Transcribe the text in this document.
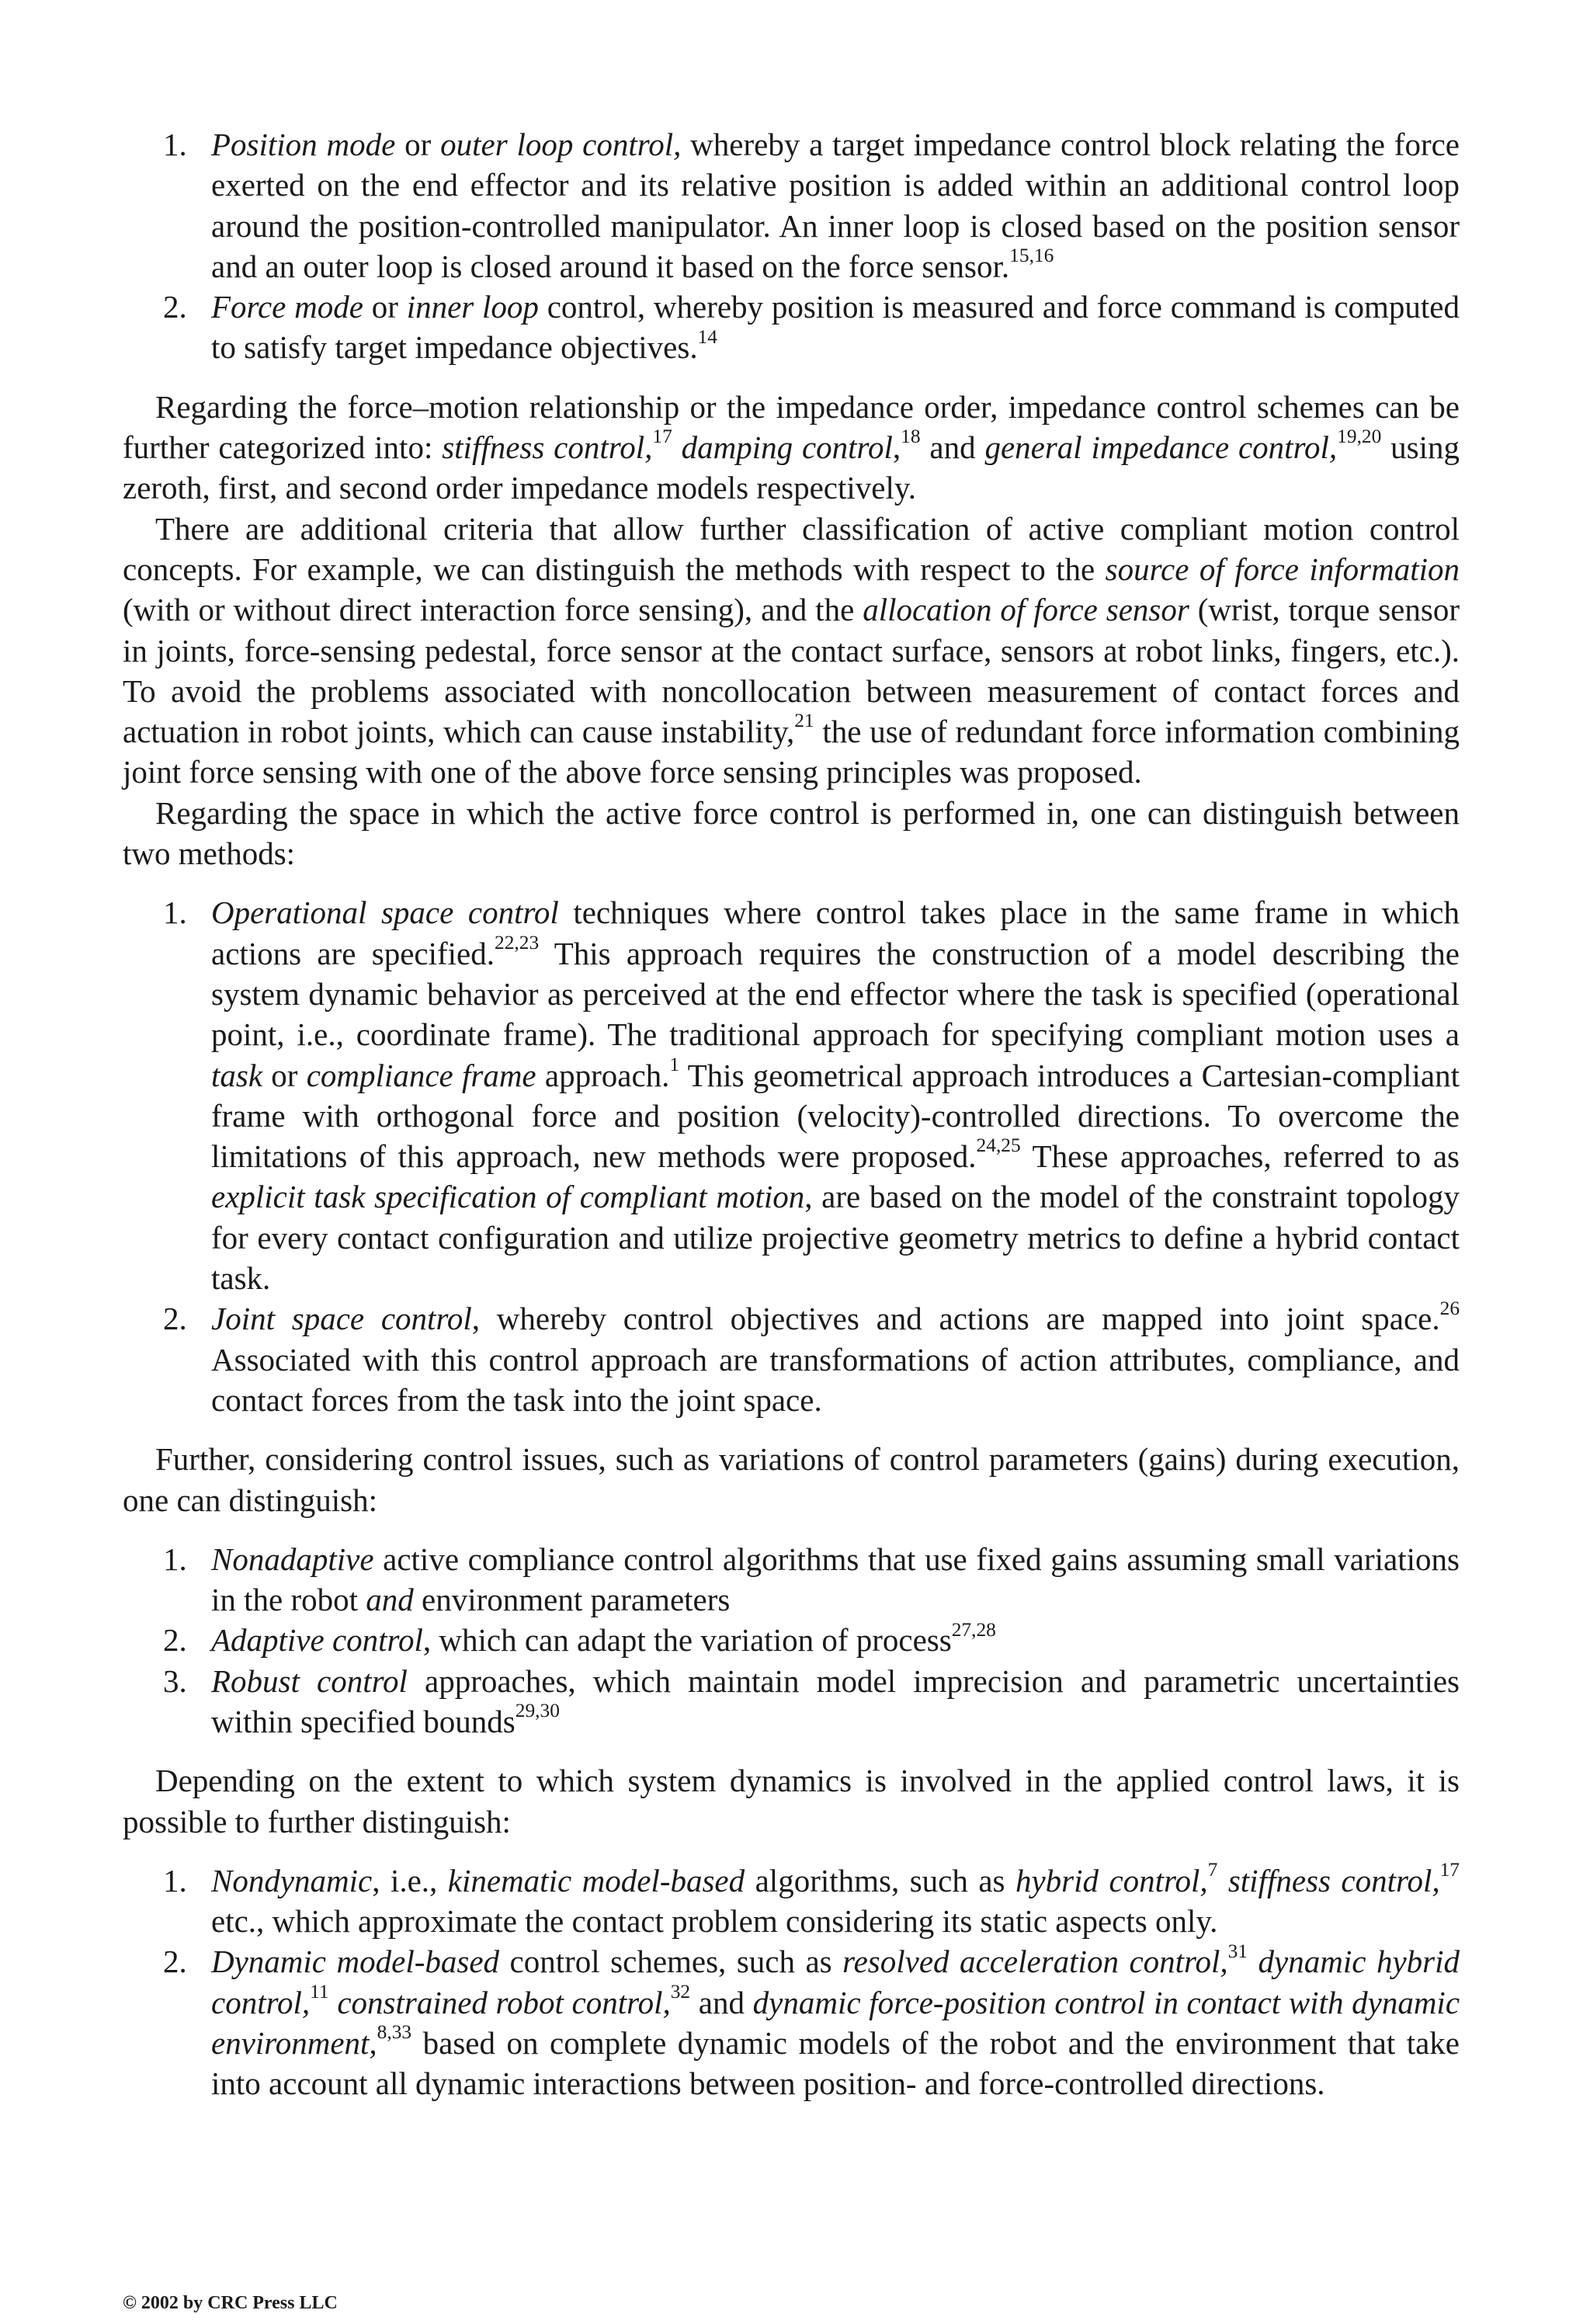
1. Position mode or outer loop control, whereby a target impedance control block relating the force exerted on the end effector and its relative position is added within an additional control loop around the position-controlled manipulator. An inner loop is closed based on the position sensor and an outer loop is closed around it based on the force sensor.$^{15,16}$
2. Force mode or inner loop control, whereby position is measured and force command is computed to satisfy target impedance objectives.$^{14}$

Regarding the force–motion relationship or the impedance order, impedance control schemes can be further categorized into: stiffness control,$^{17}$ damping control,$^{18}$ and general impedance control,$^{19,20}$ using zeroth, first, and second order impedance models respectively.

There are additional criteria that allow further classification of active compliant motion control concepts. For example, we can distinguish the methods with respect to the source of force information (with or without direct interaction force sensing), and the allocation of force sensor (wrist, torque sensor in joints, force-sensing pedestal, force sensor at the contact surface, sensors at robot links, fingers, etc.). To avoid the problems associated with noncollocation between measurement of contact forces and actuation in robot joints, which can cause instability,$^{21}$ the use of redundant force information combining joint force sensing with one of the above force sensing principles was proposed.

Regarding the space in which the active force control is performed in, one can distinguish between two methods:

1. Operational space control techniques where control takes place in the same frame in which actions are specified.$^{22,23}$ This approach requires the construction of a model describing the system dynamic behavior as perceived at the end effector where the task is specified (operational point, i.e., coordinate frame). The traditional approach for specifying compliant motion uses a task or compliance frame approach.$^1$ This geometrical approach introduces a Cartesian-compliant frame with orthogonal force and position (velocity)-controlled directions. To overcome the limitations of this approach, new methods were proposed.$^{24,25}$ These approaches, referred to as explicit task specification of compliant motion, are based on the model of the constraint topology for every contact configuration and utilize projective geometry metrics to define a hybrid contact task.
2. Joint space control, whereby control objectives and actions are mapped into joint space.$^{26}$ Associated with this control approach are transformations of action attributes, compliance, and contact forces from the task into the joint space.

Further, considering control issues, such as variations of control parameters (gains) during execution, one can distinguish:

1. Nonadaptive active compliance control algorithms that use fixed gains assuming small variations in the robot and environment parameters
2. Adaptive control, which can adapt the variation of process$^{27,28}$
3. Robust control approaches, which maintain model imprecision and parametric uncertainties within specified bounds$^{29,30}$

Depending on the extent to which system dynamics is involved in the applied control laws, it is possible to further distinguish:

1. Nondynamic, i.e., kinematic model-based algorithms, such as hybrid control,$^7$ stiffness control,$^{17}$ etc., which approximate the contact problem considering its static aspects only.
2. Dynamic model-based control schemes, such as resolved acceleration control,$^{31}$ dynamic hybrid control,$^{11}$ constrained robot control,$^{32}$ and dynamic force-position control in contact with dynamic environment,$^{8,33}$ based on complete dynamic models of the robot and the environment that take into account all dynamic interactions between position- and force-controlled directions.
© 2002 by CRC Press LLC
